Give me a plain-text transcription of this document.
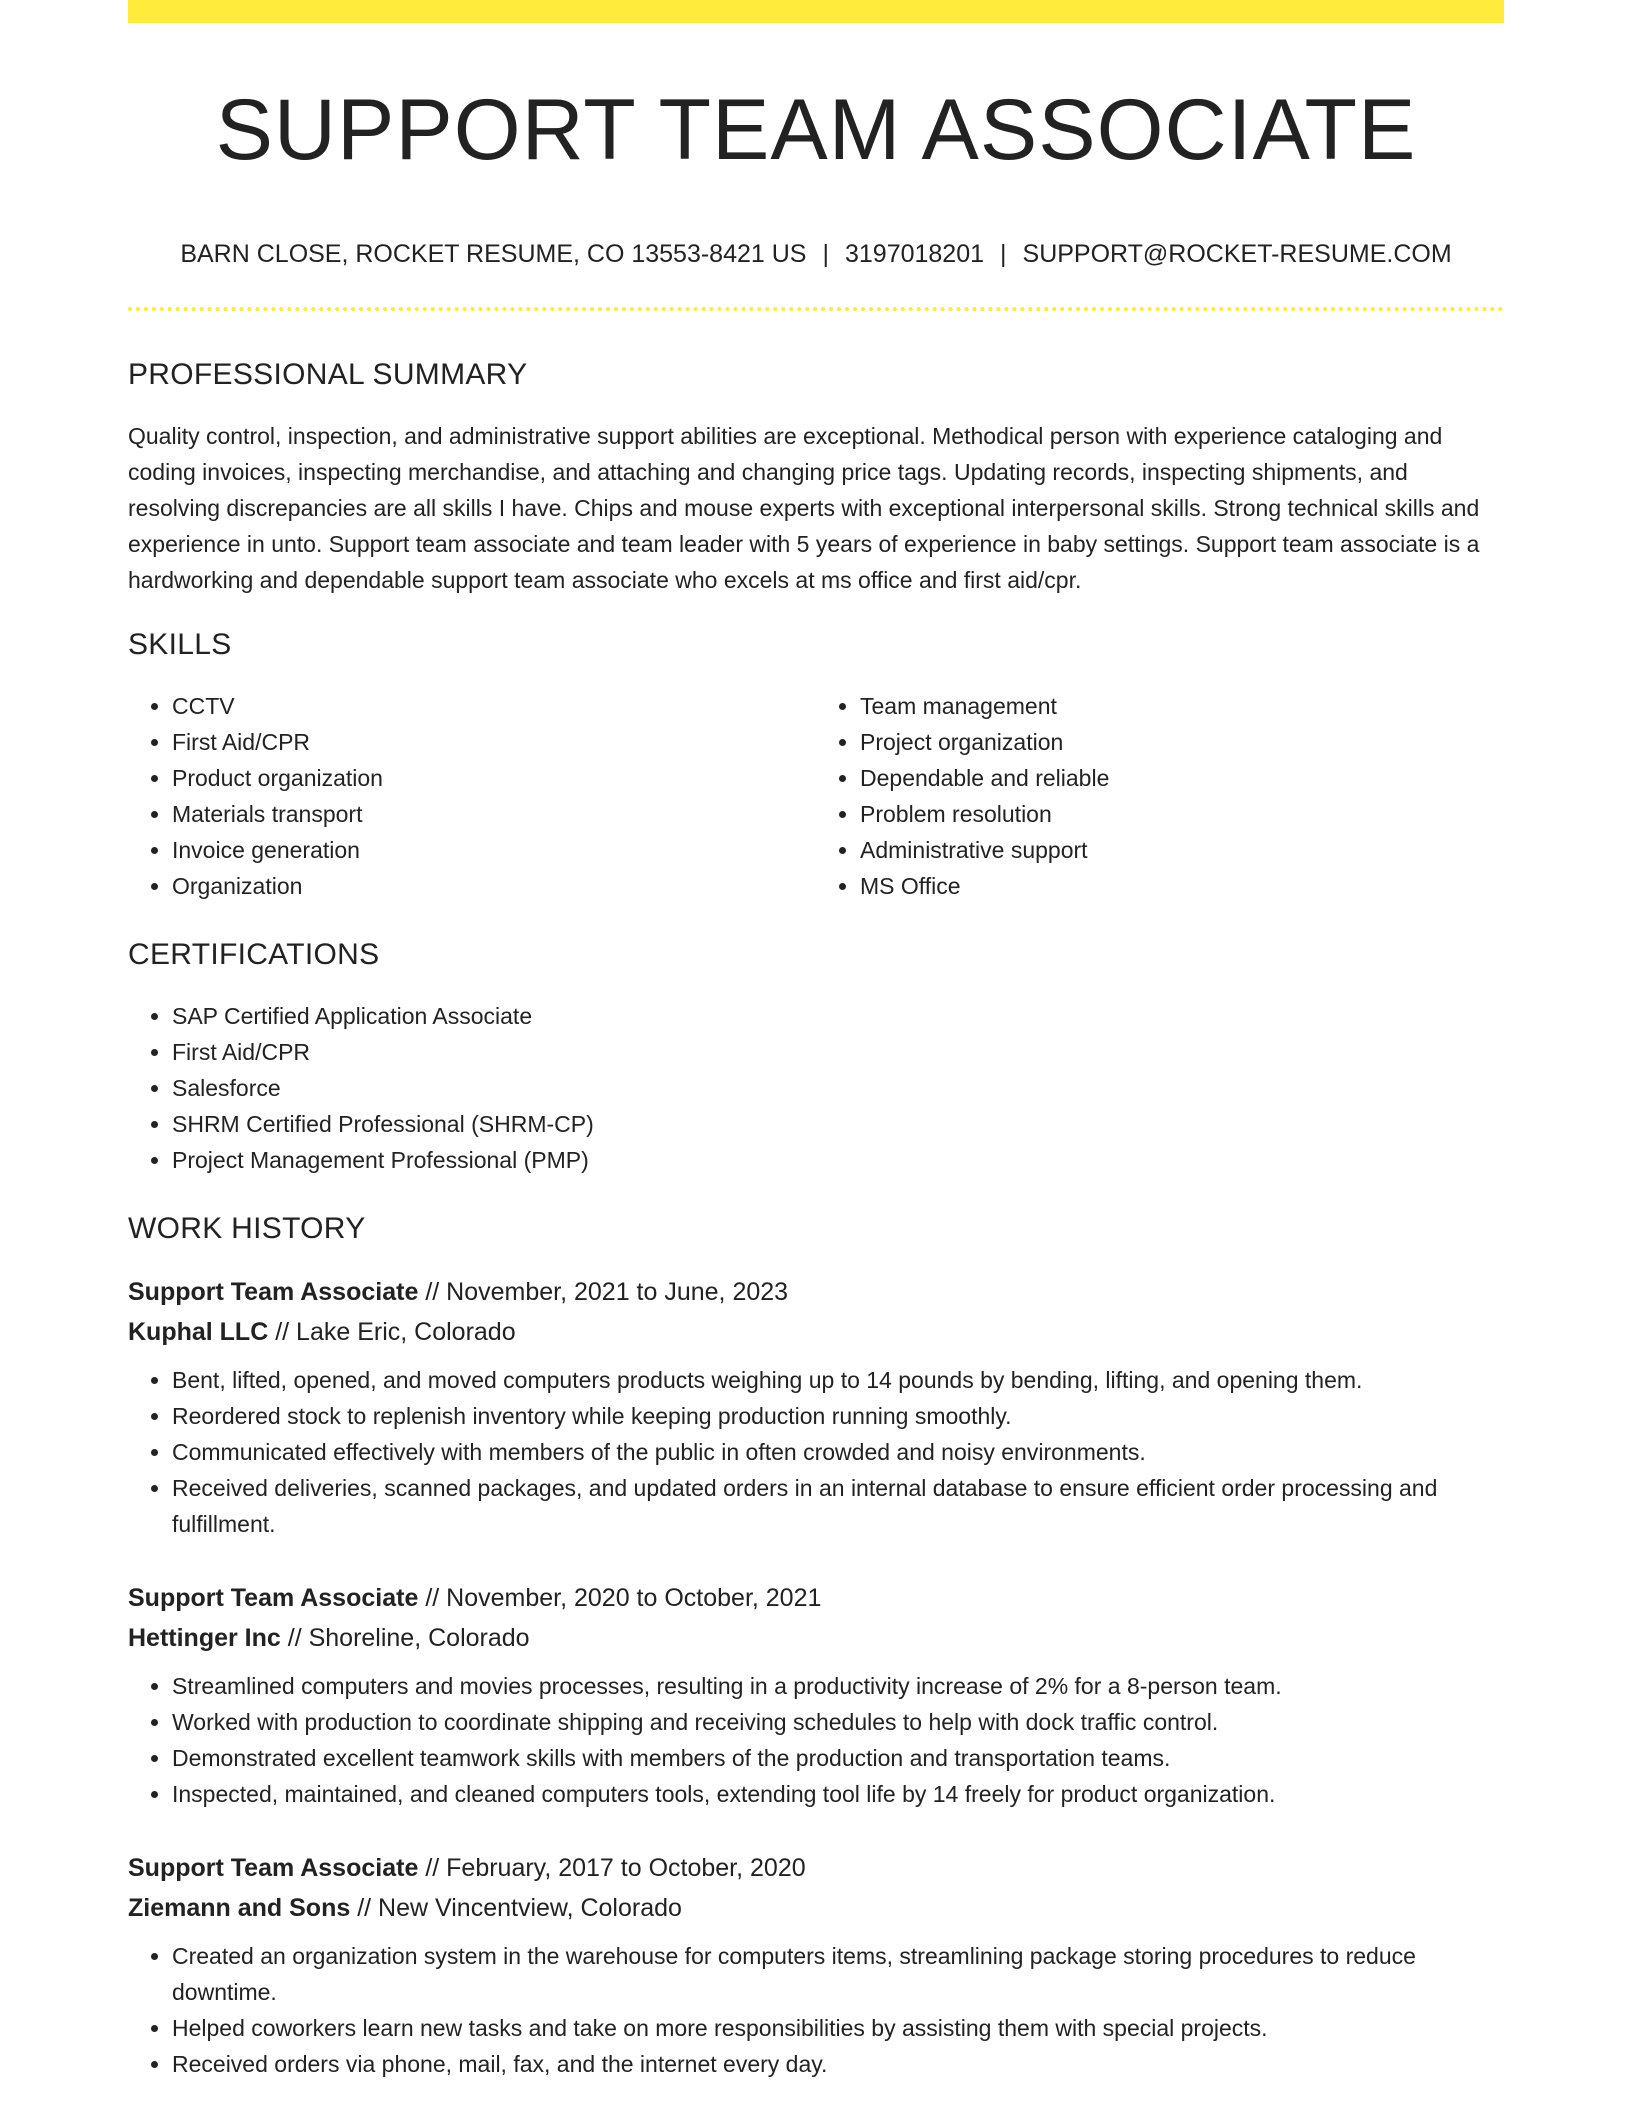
SUPPORT TEAM ASSOCIATE
BARN CLOSE, ROCKET RESUME, CO 13553-8421 US | 3197018201 | SUPPORT@ROCKET-RESUME.COM
PROFESSIONAL SUMMARY

Quality control, inspection, and administrative support abilities are exceptional. Methodical person with experience cataloging and coding invoices, inspecting merchandise, and attaching and changing price tags. Updating records, inspecting shipments, and resolving discrepancies are all skills I have. Chips and mouse experts with exceptional interpersonal skills. Strong technical skills and experience in unto. Support team associate and team leader with 5 years of experience in baby settings. Support team associate is a hardworking and dependable support team associate who excels at ms office and first aid/cpr.

SKILLS
• CCTV
• First Aid/CPR
• Product organization
• Materials transport
• Invoice generation
• Organization
• Team management
• Project organization
• Dependable and reliable
• Problem resolution
• Administrative support
• MS Office
CERTIFICATIONS
• SAP Certified Application Associate
• First Aid/CPR
• Salesforce
• SHRM Certified Professional (SHRM-CP)
• Project Management Professional (PMP)
WORK HISTORY
Support Team Associate // November, 2021 to June, 2023
Kuphal LLC // Lake Eric, Colorado
• Bent, lifted, opened, and moved computers products weighing up to 14 pounds by bending, lifting, and opening them.
• Reordered stock to replenish inventory while keeping production running smoothly.
• Communicated effectively with members of the public in often crowded and noisy environments.
• Received deliveries, scanned packages, and updated orders in an internal database to ensure efficient order processing and fulfillment.
Support Team Associate // November, 2020 to October, 2021
Hettinger Inc // Shoreline, Colorado
• Streamlined computers and movies processes, resulting in a productivity increase of 2% for a 8-person team.
• Worked with production to coordinate shipping and receiving schedules to help with dock traffic control.
• Demonstrated excellent teamwork skills with members of the production and transportation teams.
• Inspected, maintained, and cleaned computers tools, extending tool life by 14 freely for product organization.
Support Team Associate // February, 2017 to October, 2020
Ziemann and Sons // New Vincentview, Colorado
• Created an organization system in the warehouse for computers items, streamlining package storing procedures to reduce downtime.
• Helped coworkers learn new tasks and take on more responsibilities by assisting them with special projects.
• Received orders via phone, mail, fax, and the internet every day.
